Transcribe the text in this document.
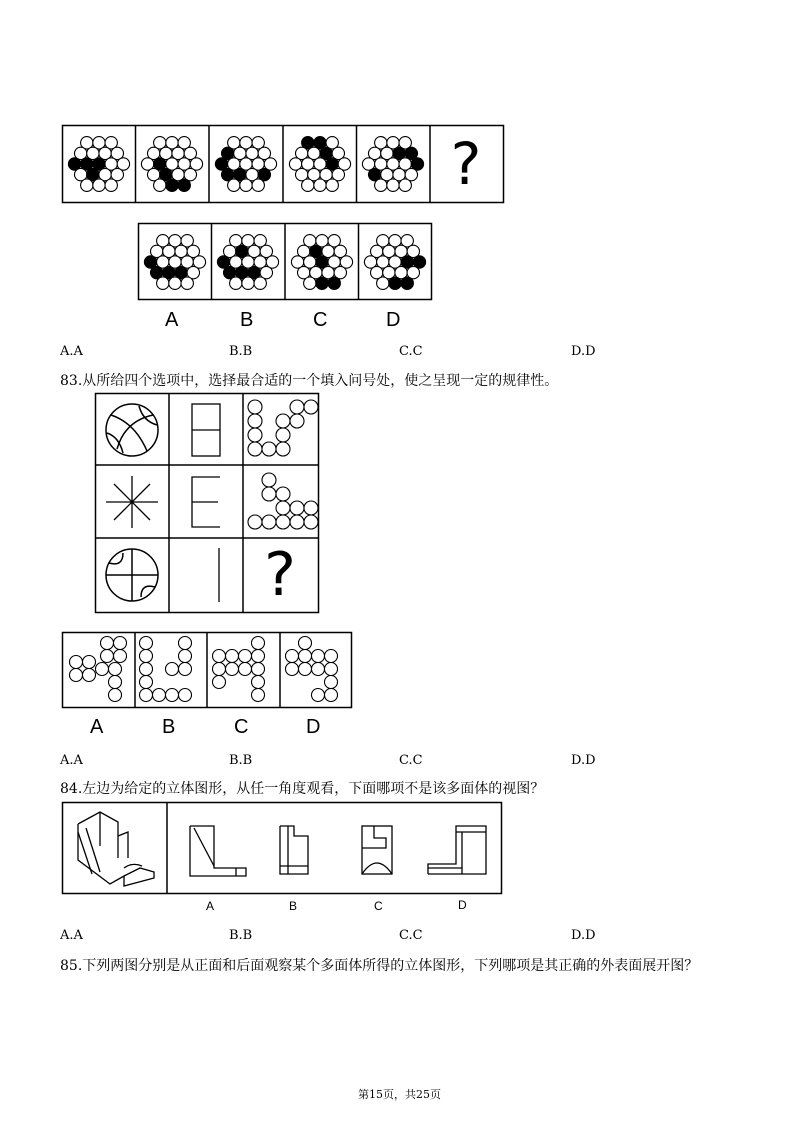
?
A	B	C	D
A.A	B.B	C.C	D.D
83.从所给四个选项中，选择最合适的一个填入问号处，使之呈现一定的规律性。
?
A	B	C	D
A.A	B.B	C.C	D.D
84.左边为给定的立体图形，从任一角度观看，下面哪项不是该多面体的视图？
A	B	C	D
A.A	B.B	C.C	D.D
85.下列两图分别是从正面和后面观察某个多面体所得的立体图形，下列哪项是其正确的外表面展开图？
第15页，共25页
